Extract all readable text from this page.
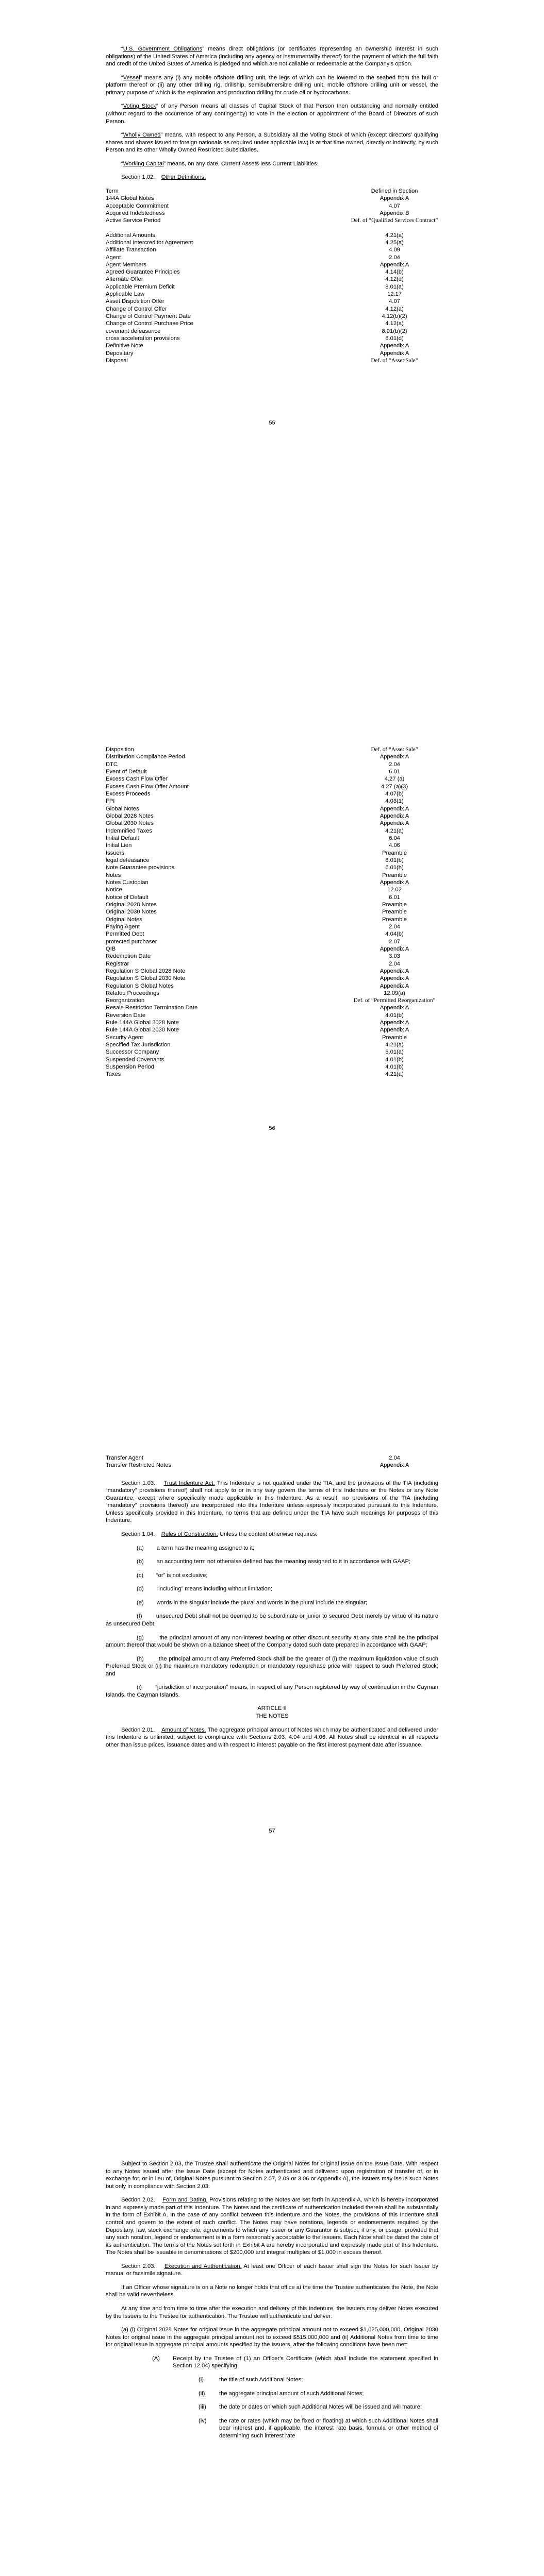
“U.S. Government Obligations” means direct obligations (or certificates representing an ownership interest in such obligations) of the United States of America (including any agency or instrumentality thereof) for the payment of which the full faith and credit of the United States of America is pledged and which are not callable or redeemable at the Company's option.

“Vessel” means any (i) any mobile offshore drilling unit, the legs of which can be lowered to the seabed from the hull or platform thereof or (ii) any other drilling rig, drillship, semisubmersible drilling unit, mobile offshore drilling unit or vessel, the primary purpose of which is the exploration and production drilling for crude oil or hydrocarbons.

“Voting Stock” of any Person means all classes of Capital Stock of that Person then outstanding and normally entitled (without regard to the occurrence of any contingency) to vote in the election or appointment of the Board of Directors of such Person.

“Wholly Owned” means, with respect to any Person, a Subsidiary all the Voting Stock of which (except directors' qualifying shares and shares issued to foreign nationals as required under applicable law) is at that time owned, directly or indirectly, by such Person and its other Wholly Owned Restricted Subsidiaries.

“Working Capital” means, on any date, Current Assets less Current Liabilities.

Section 1.02. Other Definitions.

Term	Defined in Section
144A Global Notes	Appendix A
Acceptable Commitment	4.07
Acquired Indebtedness	Appendix B
Active Service Period	Def. of “Qualified Services Contract”
Additional Amounts	4.21(a)
Additional Intercreditor Agreement	4.25(a)
Affiliate Transaction	4.09
Agent	2.04
Agent Members	Appendix A
Agreed Guarantee Principles	4.14(b)
Alternate Offer	4.12(d)
Applicable Premium Deficit	8.01(a)
Applicable Law	12.17
Asset Disposition Offer	4.07
Change of Control Offer	4.12(a)
Change of Control Payment Date	4.12(b)(2)
Change of Control Purchase Price	4.12(a)
covenant defeasance	8.01(b)(2)
cross acceleration provisions	6.01(d)
Definitive Note	Appendix A
Depositary	Appendix A
Disposal	Def. of “Asset Sale”
55
Disposition	Def. of “Asset Sale”
Distribution Compliance Period	Appendix A
DTC	2.04
Event of Default	6.01
Excess Cash Flow Offer	4.27 (a)
Excess Cash Flow Offer Amount	4.27 (a)(3)
Excess Proceeds	4.07(b)
FPI	4.03(1)
Global Notes	Appendix A
Global 2028 Notes	Appendix A
Global 2030 Notes	Appendix A
Indemnified Taxes	4.21(a)
Initial Default	6.04
Initial Lien	4.06
Issuers	Preamble
legal defeasance	8.01(b)
Note Guarantee provisions	6.01(h)
Notes	Preamble
Notes Custodian	Appendix A
Notice	12.02
Notice of Default	6.01
Original 2028 Notes	Preamble
Original 2030 Notes	Preamble
Original Notes	Preamble
Paying Agent	2.04
Permitted Debt	4.04(b)
protected purchaser	2.07
QIB	Appendix A
Redemption Date	3.03
Registrar	2.04
Regulation S Global 2028 Note	Appendix A
Regulation S Global 2030 Note	Appendix A
Regulation S Global Notes	Appendix A
Related Proceedings	12.09(a)
Reorganization	Def. of “Permitted Reorganization”
Resale Restriction Termination Date	Appendix A
Reversion Date	4.01(b)
Rule 144A Global 2028 Note	Appendix A
Rule 144A Global 2030 Note	Appendix A
Security Agent	Preamble
Specified Tax Jurisdiction	4.21(a)
Successor Company	5.01(a)
Suspended Covenants	4.01(b)
Suspension Period	4.01(b)
Taxes	4.21(a)
56
Transfer Agent	2.04
Transfer Restricted Notes	Appendix A

Section 1.03. Trust Indenture Act. This Indenture is not qualified under the TIA, and the provisions of the TIA (including “mandatory” provisions thereof) shall not apply to or in any way govern the terms of this Indenture or the Notes or any Note Guarantee, except where specifically made applicable in this Indenture. As a result, no provisions of the TIA (including “mandatory” provisions thereof) are incorporated into this Indenture unless expressly incorporated pursuant to this Indenture. Unless specifically provided in this Indenture, no terms that are defined under the TIA have such meanings for purposes of this Indenture.

Section 1.04. Rules of Construction. Unless the context otherwise requires:

(a) a term has the meaning assigned to it;

(b) an accounting term not otherwise defined has the meaning assigned to it in accordance with GAAP;

(c) “or” is not exclusive;

(d) “including” means including without limitation;

(e) words in the singular include the plural and words in the plural include the singular;

(f) unsecured Debt shall not be deemed to be subordinate or junior to secured Debt merely by virtue of its nature as unsecured Debt;

(g)	the principal amount of any non-interest bearing or other discount security at any date shall be the principal amount thereof that would be shown on a balance sheet of the Company dated such date prepared in accordance with GAAP;

(h)	the principal amount of any Preferred Stock shall be the greater of (i) the maximum liquidation value of such Preferred Stock or (ii) the maximum mandatory redemption or mandatory repurchase price with respect to such Preferred Stock; and

(i) “jurisdiction of incorporation” means, in respect of any Person registered by way of continuation in the Cayman Islands, the Cayman Islands.

ARTICLE II
THE NOTES

Section 2.01. Amount of Notes. The aggregate principal amount of Notes which may be authenticated and delivered under this Indenture is unlimited, subject to compliance with Sections 2.03, 4.04 and 4.06. All Notes shall be identical in all respects other than issue prices, issuance dates and with respect to interest payable on the first interest payment date after issuance.

57

Subject to Section 2.03, the Trustee shall authenticate the Original Notes for original issue on the Issue Date. With respect to any Notes issued after the Issue Date (except for Notes authenticated and delivered upon registration of transfer of, or in exchange for, or in lieu of, Original Notes pursuant to Section 2.07, 2.09 or 3.06 or Appendix A), the Issuers may issue such Notes but only in compliance with Section 2.03.

Section 2.02. Form and Dating. Provisions relating to the Notes are set forth in Appendix A, which is hereby incorporated in and expressly made part of this Indenture. The Notes and the certificate of authentication included therein shall be substantially in the form of Exhibit A. In the case of any conflict between this Indenture and the Notes, the provisions of this Indenture shall control and govern to the extent of such conflict. The Notes may have notations, legends or endorsements required by the Depositary, law, stock exchange rule, agreements to which any Issuer or any Guarantor is subject, if any, or usage, provided that any such notation, legend or endorsement is in a form reasonably acceptable to the Issuers. Each Note shall be dated the date of its authentication. The terms of the Notes set forth in Exhibit A are hereby incorporated and expressly made part of this Indenture. The Notes shall be issuable in denominations of $200,000 and integral multiples of $1,000 in excess thereof.

Section 2.03. Execution and Authentication. At least one Officer of each Issuer shall sign the Notes for such Issuer by manual or facsimile signature.

If an Officer whose signature is on a Note no longer holds that office at the time the Trustee authenticates the Note, the Note shall be valid nevertheless.

At any time and from time to time after the execution and delivery of this Indenture, the Issuers may deliver Notes executed by the Issuers to the Trustee for authentication. The Trustee will authenticate and deliver:

(a) (i) Original 2028 Notes for original issue in the aggregate principal amount not to exceed $1,025,000,000, Original 2030 Notes for original issue in the aggregate principal amount not to exceed $515,000,000 and (ii) Additional Notes from time to time for original issue in aggregate principal amounts specified by the Issuers, after the following conditions have been met:

(A)	Receipt by the Trustee of (1) an Officer's Certificate (which shall include the statement specified in Section 12.04) specifying
(i)	the title of such Additional Notes;
(ii)	the aggregate principal amount of such Additional Notes;
(iii)	the date or dates on which such Additional Notes will be issued and will mature;
(iv)	the rate or rates (which may be fixed or floating) at which such Additional Notes shall bear interest and, if applicable, the interest rate basis, formula or other method of determining such interest rate
